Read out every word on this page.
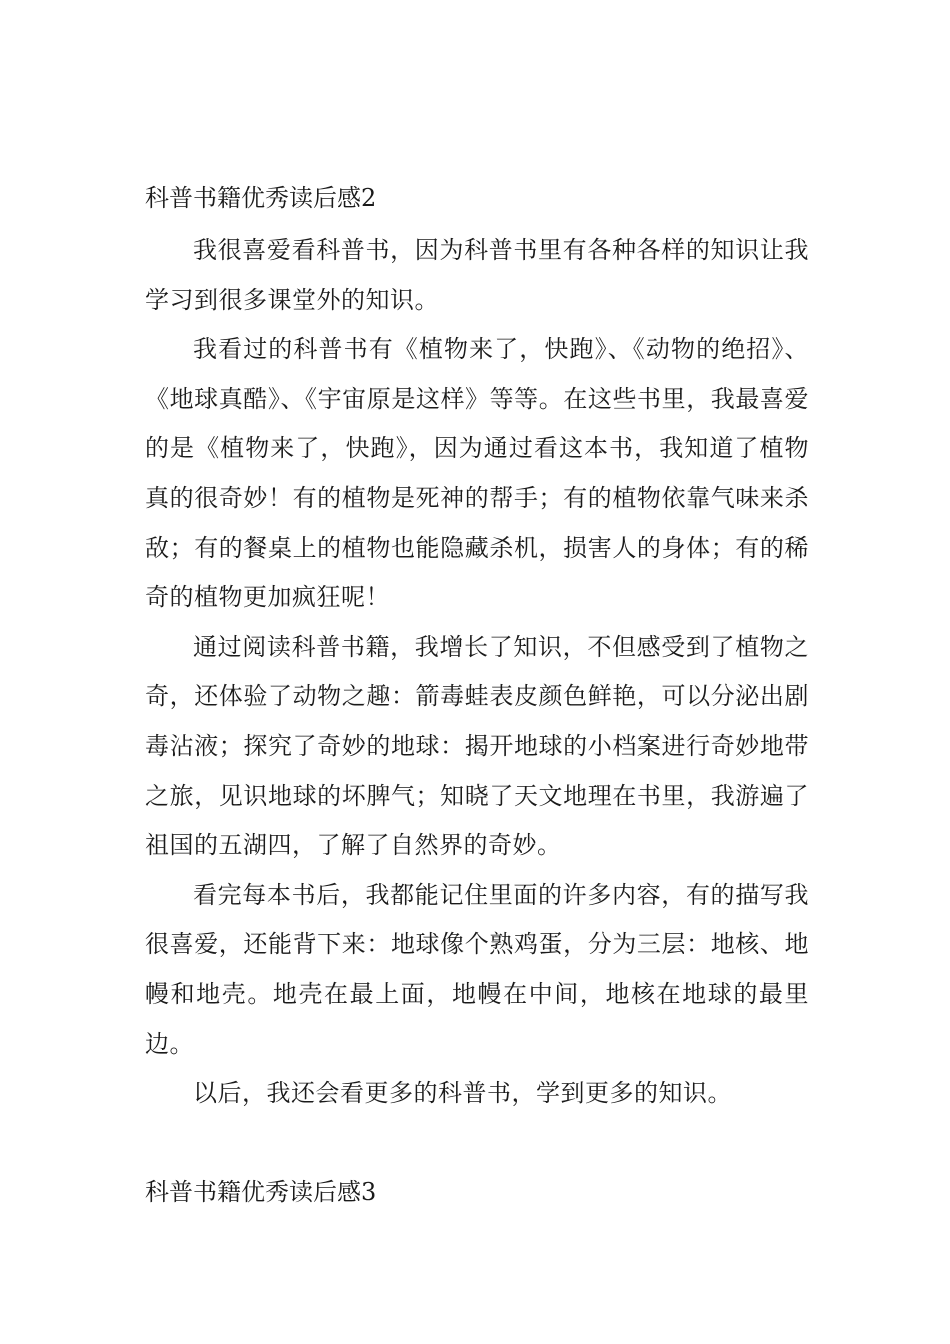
科普书籍优秀读后感2

我很喜爱看科普书，因为科普书里有各种各样的知识让我学习到很多课堂外的知识。

我看过的科普书有《植物来了，快跑》、《动物的绝招》、《地球真酷》、《宇宙原是这样》等等。在这些书里，我最喜爱的是《植物来了，快跑》，因为通过看这本书，我知道了植物真的很奇妙！有的植物是死神的帮手；有的植物依靠气味来杀敌；有的餐桌上的植物也能隐藏杀机，损害人的身体；有的稀奇的植物更加疯狂呢！

通过阅读科普书籍，我增长了知识，不但感受到了植物之奇，还体验了动物之趣：箭毒蛙表皮颜色鲜艳，可以分泌出剧毒沾液；探究了奇妙的地球：揭开地球的小档案进行奇妙地带之旅，见识地球的坏脾气；知晓了天文地理在书里，我游遍了祖国的五湖四，了解了自然界的奇妙。

看完每本书后，我都能记住里面的许多内容，有的描写我很喜爱，还能背下来：地球像个熟鸡蛋，分为三层：地核、地幔和地壳。地壳在最上面，地幔在中间，地核在地球的最里边。

以后，我还会看更多的科普书，学到更多的知识。

科普书籍优秀读后感3
